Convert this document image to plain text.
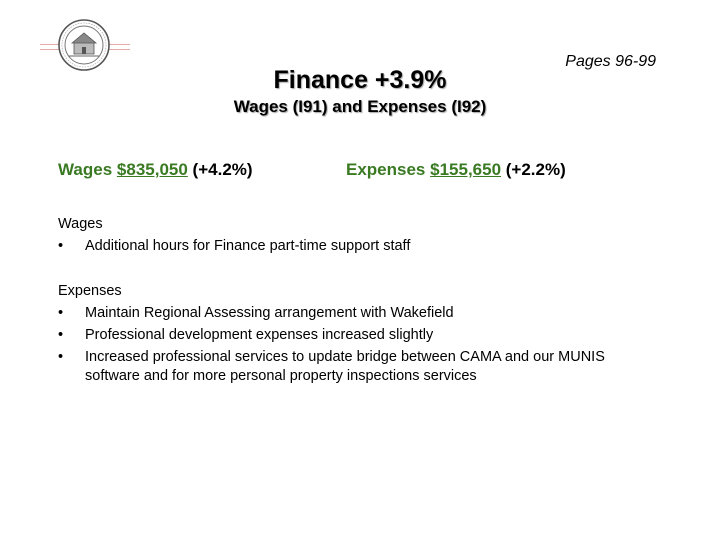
Pages 96-99
Finance +3.9%
Wages (I91) and Expenses (I92)
Wages $835,050 (+4.2%)	Expenses $155,650 (+2.2%)
Wages
• Additional hours for Finance part-time support staff
Expenses
• Maintain Regional Assessing arrangement with Wakefield
• Professional development expenses increased slightly
• Increased professional services to update bridge between CAMA and our MUNIS software and for more personal property inspections services
